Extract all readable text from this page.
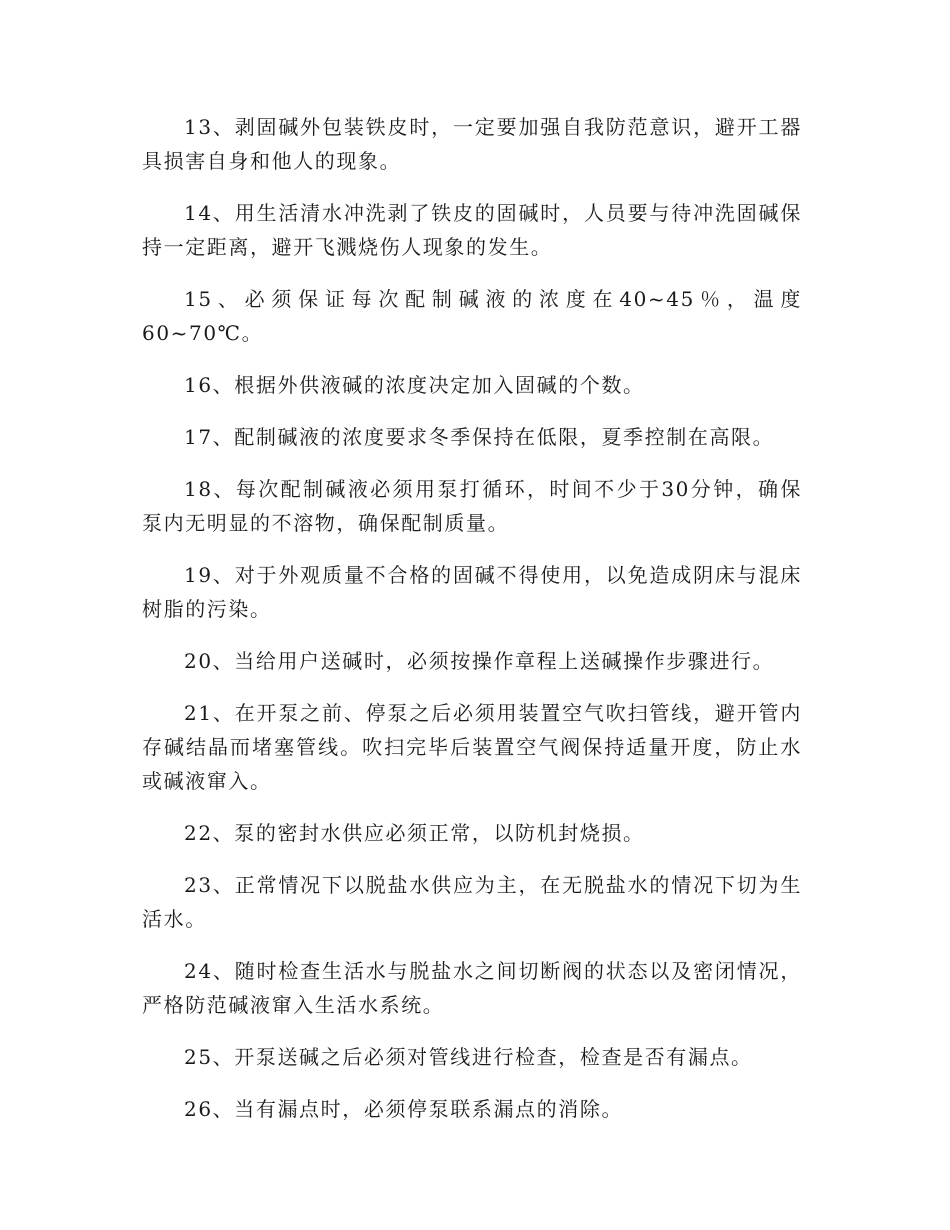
13、剥固碱外包装铁皮时，一定要加强自我防范意识，避开工器具损害自身和他人的现象。

14、用生活清水冲洗剥了铁皮的固碱时，人员要与待冲洗固碱保持一定距离，避开飞溅烧伤人现象的发生。

15、必须保证每次配制碱液的浓度在40~45％，温度60~70℃。

16、根据外供液碱的浓度决定加入固碱的个数。

17、配制碱液的浓度要求冬季保持在低限，夏季控制在高限。

18、每次配制碱液必须用泵打循环，时间不少于30分钟，确保泵内无明显的不溶物，确保配制质量。

19、对于外观质量不合格的固碱不得使用，以免造成阴床与混床树脂的污染。

20、当给用户送碱时，必须按操作章程上送碱操作步骤进行。

21、在开泵之前、停泵之后必须用装置空气吹扫管线，避开管内存碱结晶而堵塞管线。吹扫完毕后装置空气阀保持适量开度，防止水或碱液窜入。

22、泵的密封水供应必须正常，以防机封烧损。

23、正常情况下以脱盐水供应为主，在无脱盐水的情况下切为生活水。

24、随时检查生活水与脱盐水之间切断阀的状态以及密闭情况，严格防范碱液窜入生活水系统。

25、开泵送碱之后必须对管线进行检查，检查是否有漏点。

26、当有漏点时，必须停泵联系漏点的消除。
